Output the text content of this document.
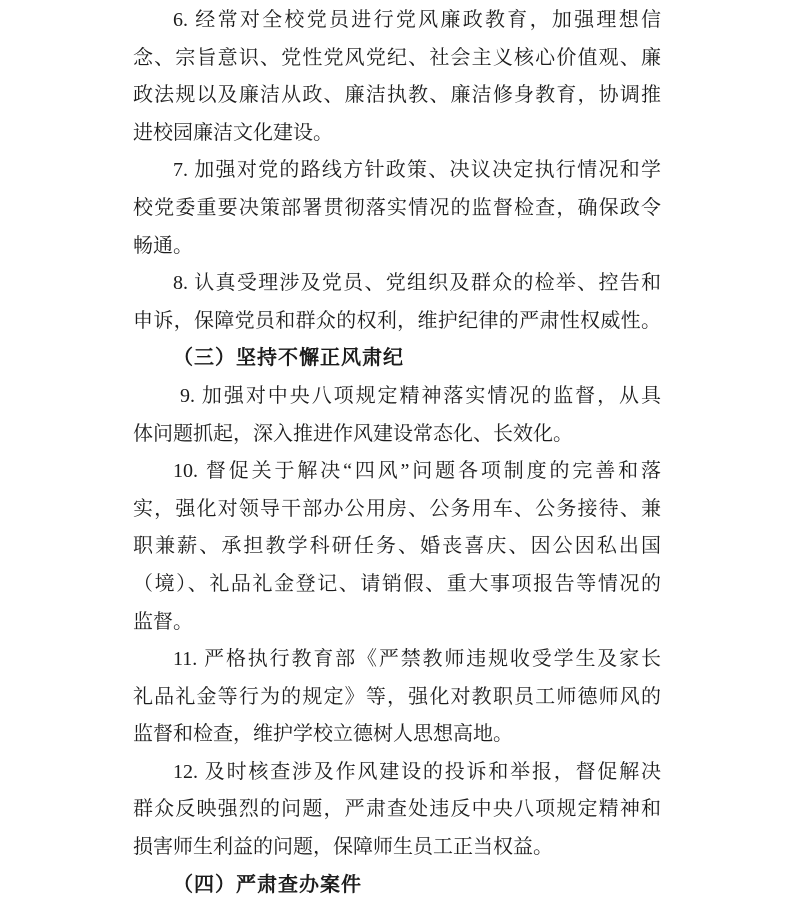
6. 经常对全校党员进行党风廉政教育，加强理想信
念、宗旨意识、党性党风党纪、社会主义核心价值观、廉
政法规以及廉洁从政、廉洁执教、廉洁修身教育，协调推
进校园廉洁文化建设。
7. 加强对党的路线方针政策、决议决定执行情况和学
校党委重要决策部署贯彻落实情况的监督检查，确保政令
畅通。
8. 认真受理涉及党员、党组织及群众的检举、控告和
申诉，保障党员和群众的权利，维护纪律的严肃性权威性。
（三）坚持不懈正风肃纪
9. 加强对中央八项规定精神落实情况的监督，从具
体问题抓起，深入推进作风建设常态化、长效化。
10. 督促关于解决“四风”问题各项制度的完善和落
实，强化对领导干部办公用房、公务用车、公务接待、兼
职兼薪、承担教学科研任务、婚丧喜庆、因公因私出国
（境）、礼品礼金登记、请销假、重大事项报告等情况的
监督。
11. 严格执行教育部《严禁教师违规收受学生及家长
礼品礼金等行为的规定》等，强化对教职员工师德师风的
监督和检查，维护学校立德树人思想高地。
12. 及时核查涉及作风建设的投诉和举报，督促解决
群众反映强烈的问题，严肃查处违反中央八项规定精神和
损害师生利益的问题，保障师生员工正当权益。
（四）严肃查办案件
